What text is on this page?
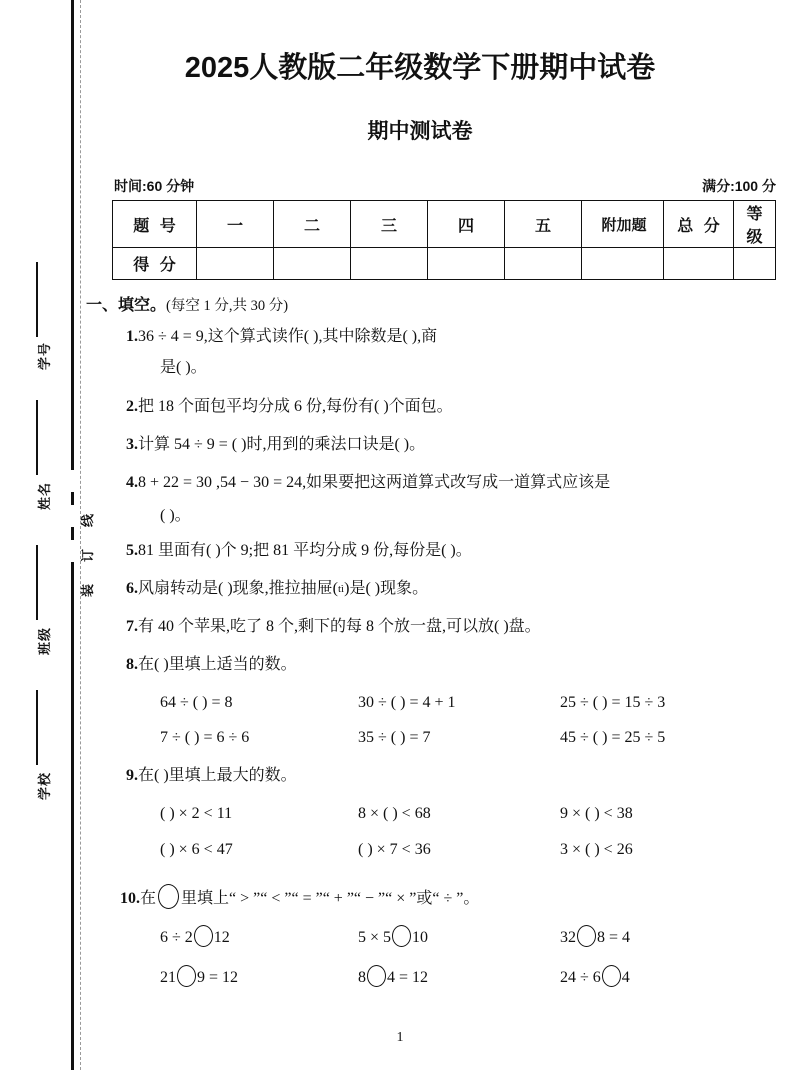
装
订
线
学号
姓名
班级
学校
2025人教版二年级数学下册期中试卷
期中测试卷
时间:60 分钟	满分:100 分
题 号	一	二	三	四	五	附加题	总 分	等 级
得 分								
一、填空。(每空 1 分,共 30 分)
1.36 ÷ 4 = 9,这个算式读作( ),其中除数是( ),商
是( )。
2.把 18 个面包平均分成 6 份,每份有( )个面包。
3.计算 54 ÷ 9 = ( )时,用到的乘法口诀是( )。
4.8 + 22 = 30 ,54 − 30 = 24,如果要把这两道算式改写成一道算式应该是
( )。
5.81 里面有( )个 9;把 81 平均分成 9 份,每份是( )。
6.风扇转动是( )现象,推拉抽屉(tì)是( )现象。
7.有 40 个苹果,吃了 8 个,剩下的每 8 个放一盘,可以放( )盘。
8.在( )里填上适当的数。
64 ÷ ( ) = 8	30 ÷ ( ) = 4 + 1	25 ÷ ( ) = 15 ÷ 3
7 ÷ ( ) = 6 ÷ 6	35 ÷ ( ) = 7	45 ÷ ( ) = 25 ÷ 5
9.在( )里填上最大的数。
( ) × 2 < 11	8 × ( ) < 68	9 × ( ) < 38
( ) × 6 < 47	( ) × 7 < 36	3 × ( ) < 26
10.在 里填上“ > ”“ < ”“ = ”“ + ”“ − ”“ × ”或“ ÷ ”。
6 ÷ 2 12	5 × 5 10	32 8 = 4
21 9 = 12	8 4 = 12	24 ÷ 6 4
1
